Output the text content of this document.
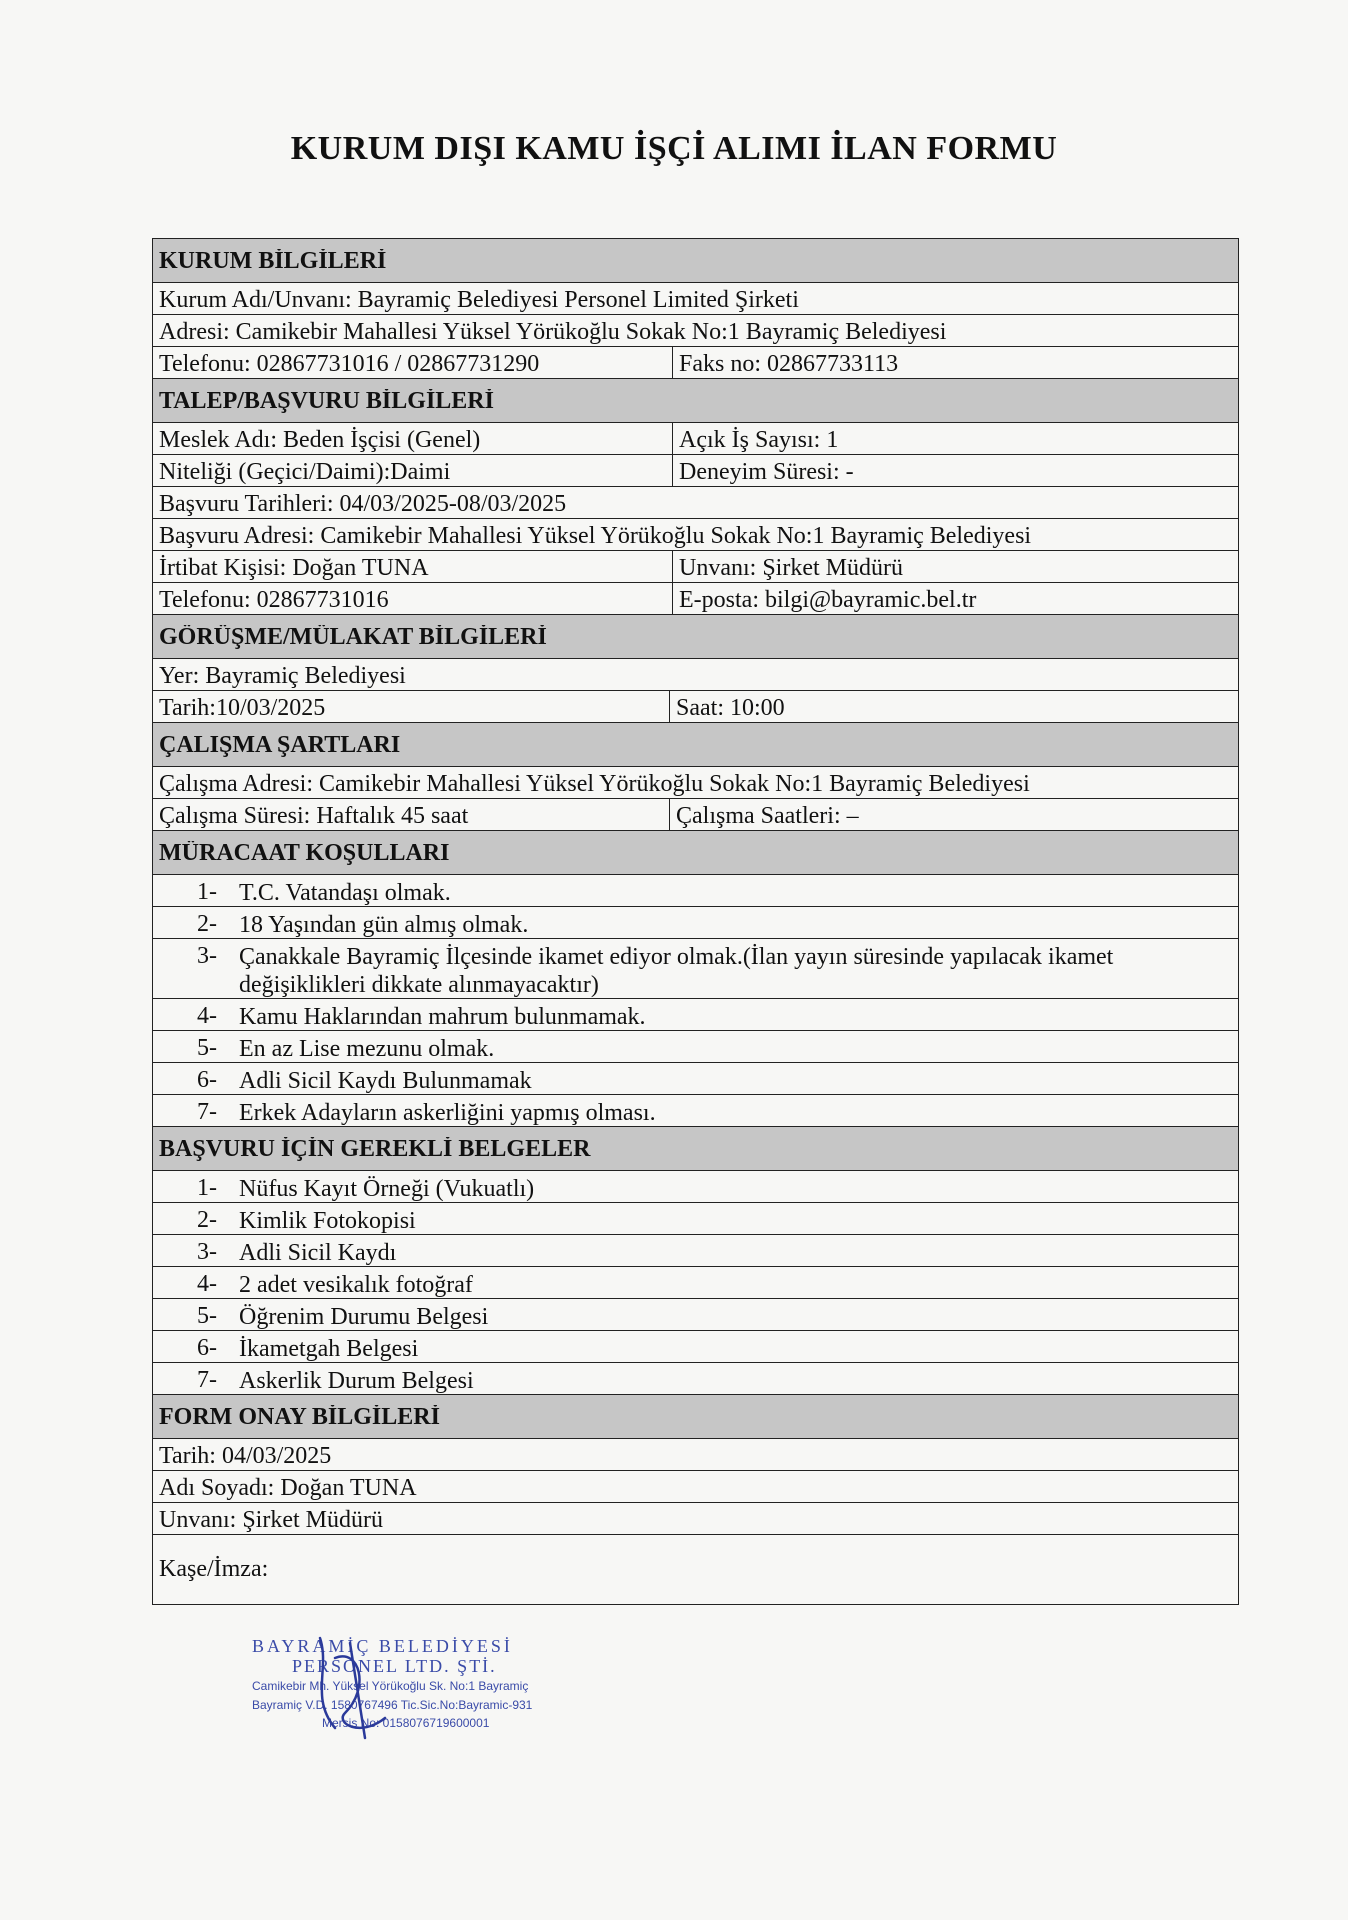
KURUM DIŞI KAMU İŞÇİ ALIMI İLAN FORMU
KURUM BİLGİLERİ
Kurum Adı/Unvanı: Bayramiç Belediyesi Personel Limited Şirketi
Adresi: Camikebir Mahallesi Yüksel Yörükoğlu Sokak No:1 Bayramiç Belediyesi
Telefonu: 02867731016 / 02867731290	Faks no: 02867733113
TALEP/BAŞVURU BİLGİLERİ
Meslek Adı: Beden İşçisi (Genel)	Açık İş Sayısı: 1
Niteliği (Geçici/Daimi):Daimi	Deneyim Süresi: -
Başvuru Tarihleri: 04/03/2025-08/03/2025
Başvuru Adresi: Camikebir Mahallesi Yüksel Yörükoğlu Sokak No:1 Bayramiç Belediyesi
İrtibat Kişisi: Doğan TUNA	Unvanı: Şirket Müdürü
Telefonu: 02867731016	E-posta: bilgi@bayramic.bel.tr
GÖRÜŞME/MÜLAKAT BİLGİLERİ
Yer: Bayramiç Belediyesi
Tarih:10/03/2025	Saat: 10:00
ÇALIŞMA ŞARTLARI
Çalışma Adresi: Camikebir Mahallesi Yüksel Yörükoğlu Sokak No:1 Bayramiç Belediyesi
Çalışma Süresi: Haftalık 45 saat	Çalışma Saatleri: –
MÜRACAAT KOŞULLARI
1- T.C. Vatandaşı olmak.
2- 18 Yaşından gün almış olmak.
3- Çanakkale Bayramiç İlçesinde ikamet ediyor olmak.(İlan yayın süresinde yapılacak ikamet değişiklikleri dikkate alınmayacaktır)
4- Kamu Haklarından mahrum bulunmamak.
5- En az Lise mezunu olmak.
6- Adli Sicil Kaydı Bulunmamak
7- Erkek Adayların askerliğini yapmış olması.
BAŞVURU İÇİN GEREKLİ BELGELER
1- Nüfus Kayıt Örneği (Vukuatlı)
2- Kimlik Fotokopisi
3- Adli Sicil Kaydı
4- 2 adet vesikalık fotoğraf
5- Öğrenim Durumu Belgesi
6- İkametgah Belgesi
7- Askerlik Durum Belgesi
FORM ONAY BİLGİLERİ
Tarih: 04/03/2025
Adı Soyadı: Doğan TUNA
Unvanı: Şirket Müdürü
Kaşe/İmza:
BAYRAMİÇ BELEDİYESİ
PERSONEL LTD. ŞTİ.
Camikebir Mh. Yüksel Yörükoğlu Sk. No:1 Bayramiç
Bayramiç V.D. 1580767496 Tic.Sic.No:Bayramic-931
Mersis No: 0158076719600001
